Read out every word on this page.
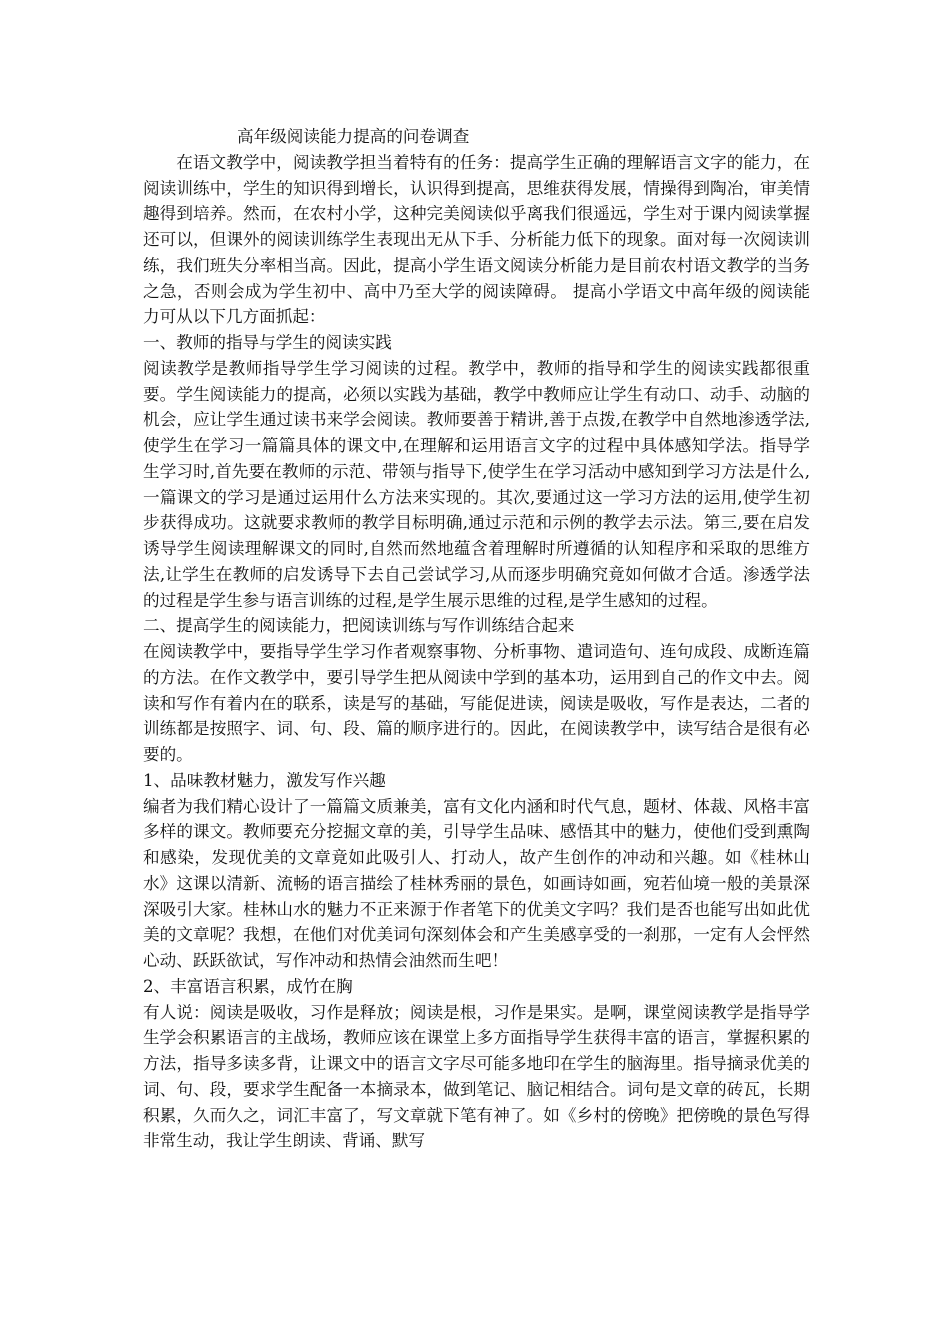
高年级阅读能力提高的问卷调查

在语文教学中，阅读教学担当着特有的任务：提高学生正确的理解语言文字的能力，在阅读训练中，学生的知识得到增长，认识得到提高，思维获得发展，情操得到陶冶，审美情趣得到培养。然而，在农村小学，这种完美阅读似乎离我们很遥远，学生对于课内阅读掌握还可以，但课外的阅读训练学生表现出无从下手、分析能力低下的现象。面对每一次阅读训练，我们班失分率相当高。因此，提高小学生语文阅读分析能力是目前农村语文教学的当务之急，否则会成为学生初中、高中乃至大学的阅读障碍。 提高小学语文中高年级的阅读能力可从以下几方面抓起：

一、教师的指导与学生的阅读实践

阅读教学是教师指导学生学习阅读的过程。教学中，教师的指导和学生的阅读实践都很重要。学生阅读能力的提高，必须以实践为基础，教学中教师应让学生有动口、动手、动脑的机会，应让学生通过读书来学会阅读。教师要善于精讲,善于点拨,在教学中自然地渗透学法,使学生在学习一篇篇具体的课文中,在理解和运用语言文字的过程中具体感知学法。指导学生学习时,首先要在教师的示范、带领与指导下,使学生在学习活动中感知到学习方法是什么,一篇课文的学习是通过运用什么方法来实现的。其次,要通过这一学习方法的运用,使学生初步获得成功。这就要求教师的教学目标明确,通过示范和示例的教学去示法。第三,要在启发诱导学生阅读理解课文的同时,自然而然地蕴含着理解时所遵循的认知程序和采取的思维方法,让学生在教师的启发诱导下去自己尝试学习,从而逐步明确究竟如何做才合适。渗透学法的过程是学生参与语言训练的过程,是学生展示思维的过程,是学生感知的过程。

二、提高学生的阅读能力，把阅读训练与写作训练结合起来

在阅读教学中，要指导学生学习作者观察事物、分析事物、遣词造句、连句成段、成断连篇的方法。在作文教学中，要引导学生把从阅读中学到的基本功，运用到自己的作文中去。阅读和写作有着内在的联系，读是写的基础，写能促进读，阅读是吸收，写作是表达，二者的训练都是按照字、词、句、段、篇的顺序进行的。因此，在阅读教学中，读写结合是很有必要的。

1、品味教材魅力，激发写作兴趣

编者为我们精心设计了一篇篇文质兼美，富有文化内涵和时代气息，题材、体裁、风格丰富多样的课文。教师要充分挖掘文章的美，引导学生品味、感悟其中的魅力，使他们受到熏陶和感染，发现优美的文章竟如此吸引人、打动人，故产生创作的冲动和兴趣。如《桂林山水》这课以清新、流畅的语言描绘了桂林秀丽的景色，如画诗如画，宛若仙境一般的美景深深吸引大家。桂林山水的魅力不正来源于作者笔下的优美文字吗？我们是否也能写出如此优美的文章呢？我想，在他们对优美词句深刻体会和产生美感享受的一刹那，一定有人会怦然心动、跃跃欲试，写作冲动和热情会油然而生吧！

2、丰富语言积累，成竹在胸

有人说：阅读是吸收，习作是释放；阅读是根，习作是果实。是啊，课堂阅读教学是指导学生学会积累语言的主战场，教师应该在课堂上多方面指导学生获得丰富的语言，掌握积累的方法，指导多读多背，让课文中的语言文字尽可能多地印在学生的脑海里。指导摘录优美的词、句、段，要求学生配备一本摘录本，做到笔记、脑记相结合。词句是文章的砖瓦，长期积累，久而久之，词汇丰富了，写文章就下笔有神了。如《乡村的傍晚》把傍晚的景色写得非常生动，我让学生朗读、背诵、默写
